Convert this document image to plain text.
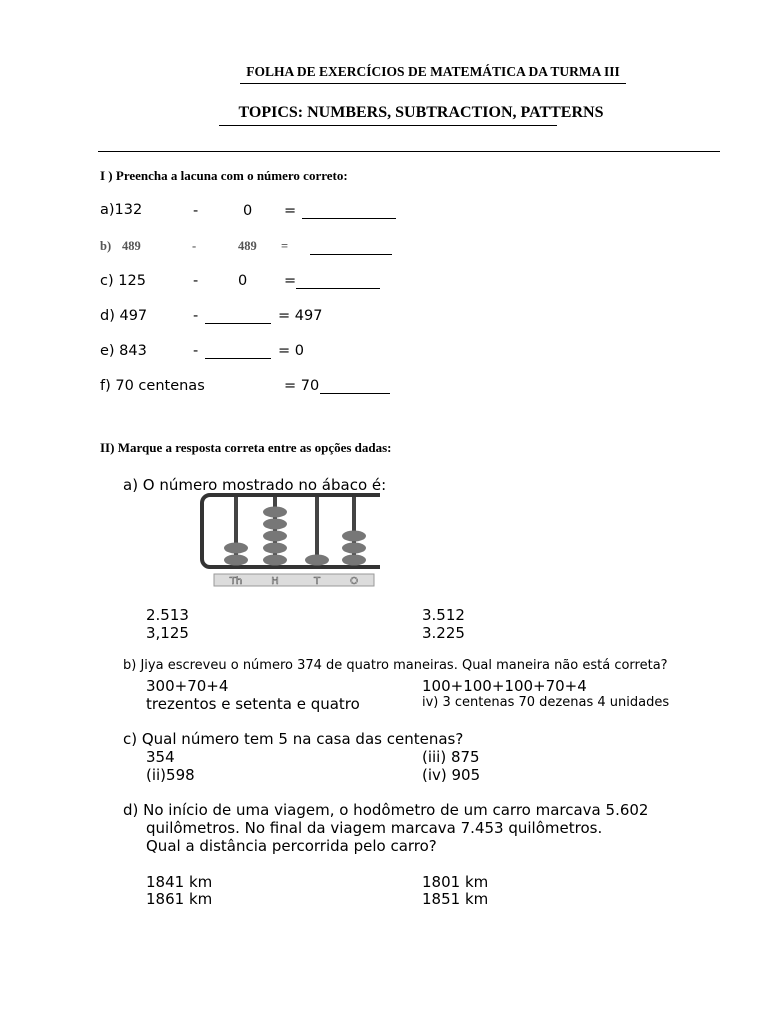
FOLHA DE EXERCÍCIOS DE MATEMÁTICA DA TURMA III
TOPICS: NUMBERS, SUBTRACTION, PATTERNS
I ) Preencha a lacuna com o número correto:
a)132	-	0 =
b) 489	-	489 =
c) 125	-	0	=
d) 497	-	= 497
e) 843	-	= 0
f) 70 centenas	= 70
II) Marque a resposta correta entre as opções dadas:
a) O número mostrado no ábaco é:
Th	H	T	O
2.513	3.512
3,125	3.225
b) Jiya escreveu o número 374 de quatro maneiras. Qual maneira não está correta?
300+70+4	100+100+100+70+4
trezentos e setenta e quatro	iv) 3 centenas 70 dezenas 4 unidades
c) Qual número tem 5 na casa das centenas?
354	(iii) 875
(ii)598	(iv) 905
d) No início de uma viagem, o hodômetro de um carro marcava 5.602
quilômetros. No final da viagem marcava 7.453 quilômetros.
Qual a distância percorrida pelo carro?
1841 km	1801 km
1861 km	1851 km
